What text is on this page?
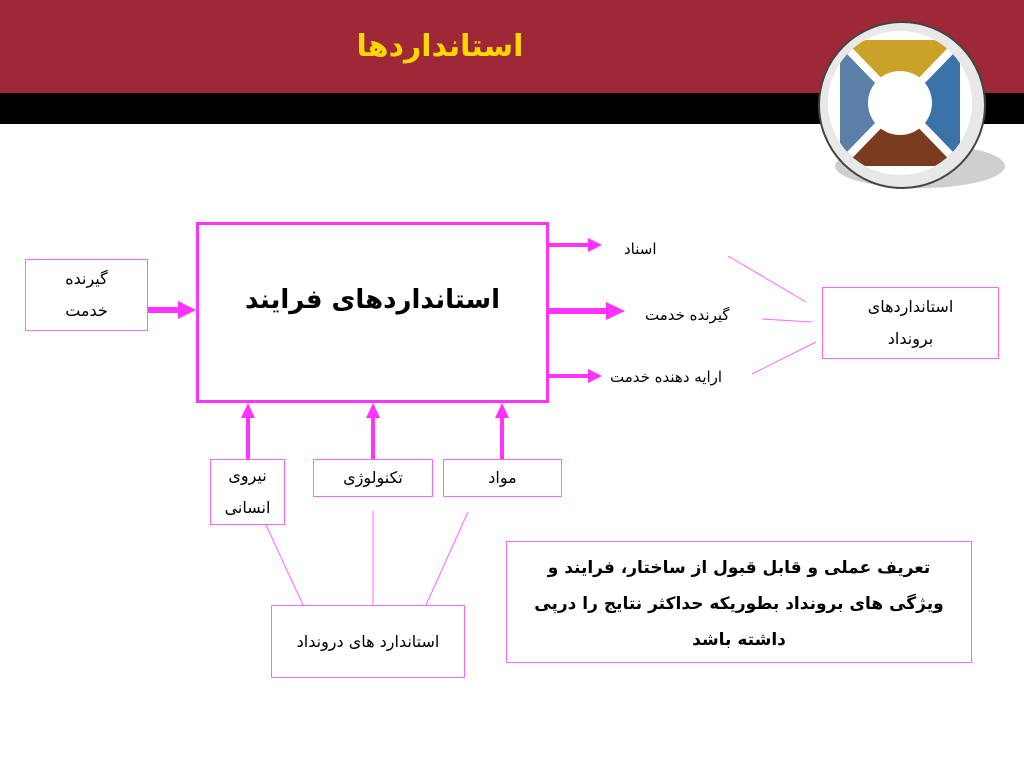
استانداردها
استانداردهای فرایند
گیرنده خدمت
اسناد
گیرنده خدمت
ارایه دهنده خدمت
استانداردهای برونداد
نیروی انسانی
تکنولوژی	مواد
استاندارد های درونداد
تعریف عملی و قابل قبول از ساختار، فرایند و ویژگی های برونداد بطوریکه حداکثر نتایج را درپی داشته باشد
